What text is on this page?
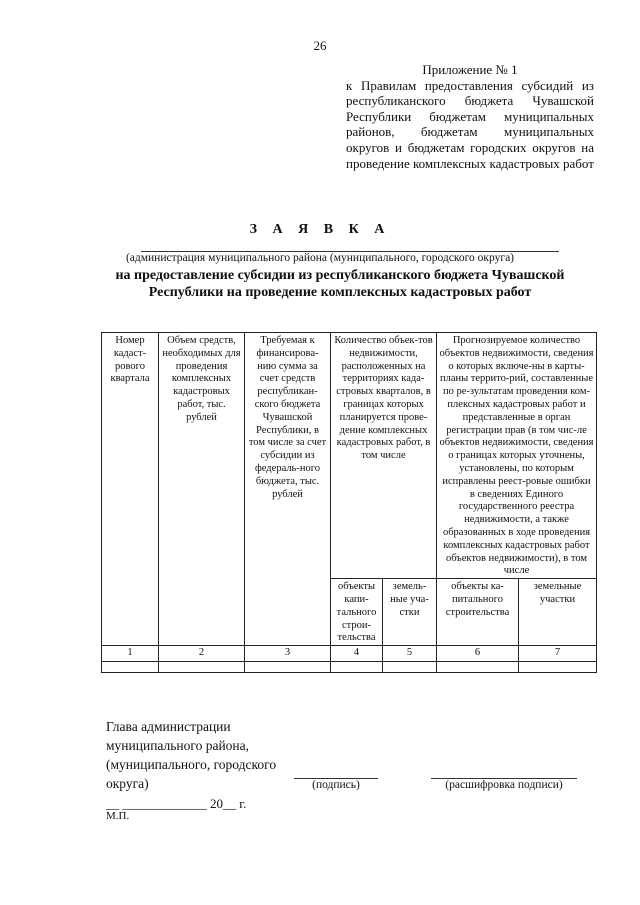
26
Приложение № 1
к Правилам предоставления субсидий из республиканского бюджета Чувашской Республики бюджетам муниципальных районов, бюджетам муниципальных округов и бюджетам городских округов на проведение комплексных кадастровых работ
З А Я В К А
(администрация муниципального района (муниципального, городского округа)
на предоставление субсидии из республиканского бюджета Чувашской Республики на проведение комплексных кадастровых работ
Номер кадаст-рового квартала	Объем средств, необходимых для проведения комплексных кадастровых работ, тыс. рублей	Требуемая к финансирова-нию сумма за счет средств республикан-ского бюджета Чувашской Республики, в том числе за счет субсидии из федераль-ного бюджета, тыс. рублей	Количество объек-тов недвижимости, расположенных на территориях када-стровых кварталов, в границах которых планируется прове-дение комплексных кадастровых работ, в том числе		Прогнозируемое количество объектов недвижимости, сведения о которых включе-ны в карты-планы террито-рий, составленные по ре-зультатам проведения ком-плексных кадастровых работ и представленные в орган регистрации прав (в том чис-ле объектов недвижимости, сведения о границах которых уточнены, установлены, по которым исправлены реест-ровые ошибки в сведениях Единого государственного реестра недвижимости, а также образованных в ходе проведения комплексных кадастровых работ объектов недвижимости), в том числе	
			объекты капи-тального строи-тельства	земель-ные уча-стки	объекты ка-питального строительства	земельные участки
1	2	3	4	5	6	7

Глава администрации муниципального района, (муниципального, городского округа)	(подпись)	(расшифровка подписи)
__ _____________ 20__ г.
М.П.
